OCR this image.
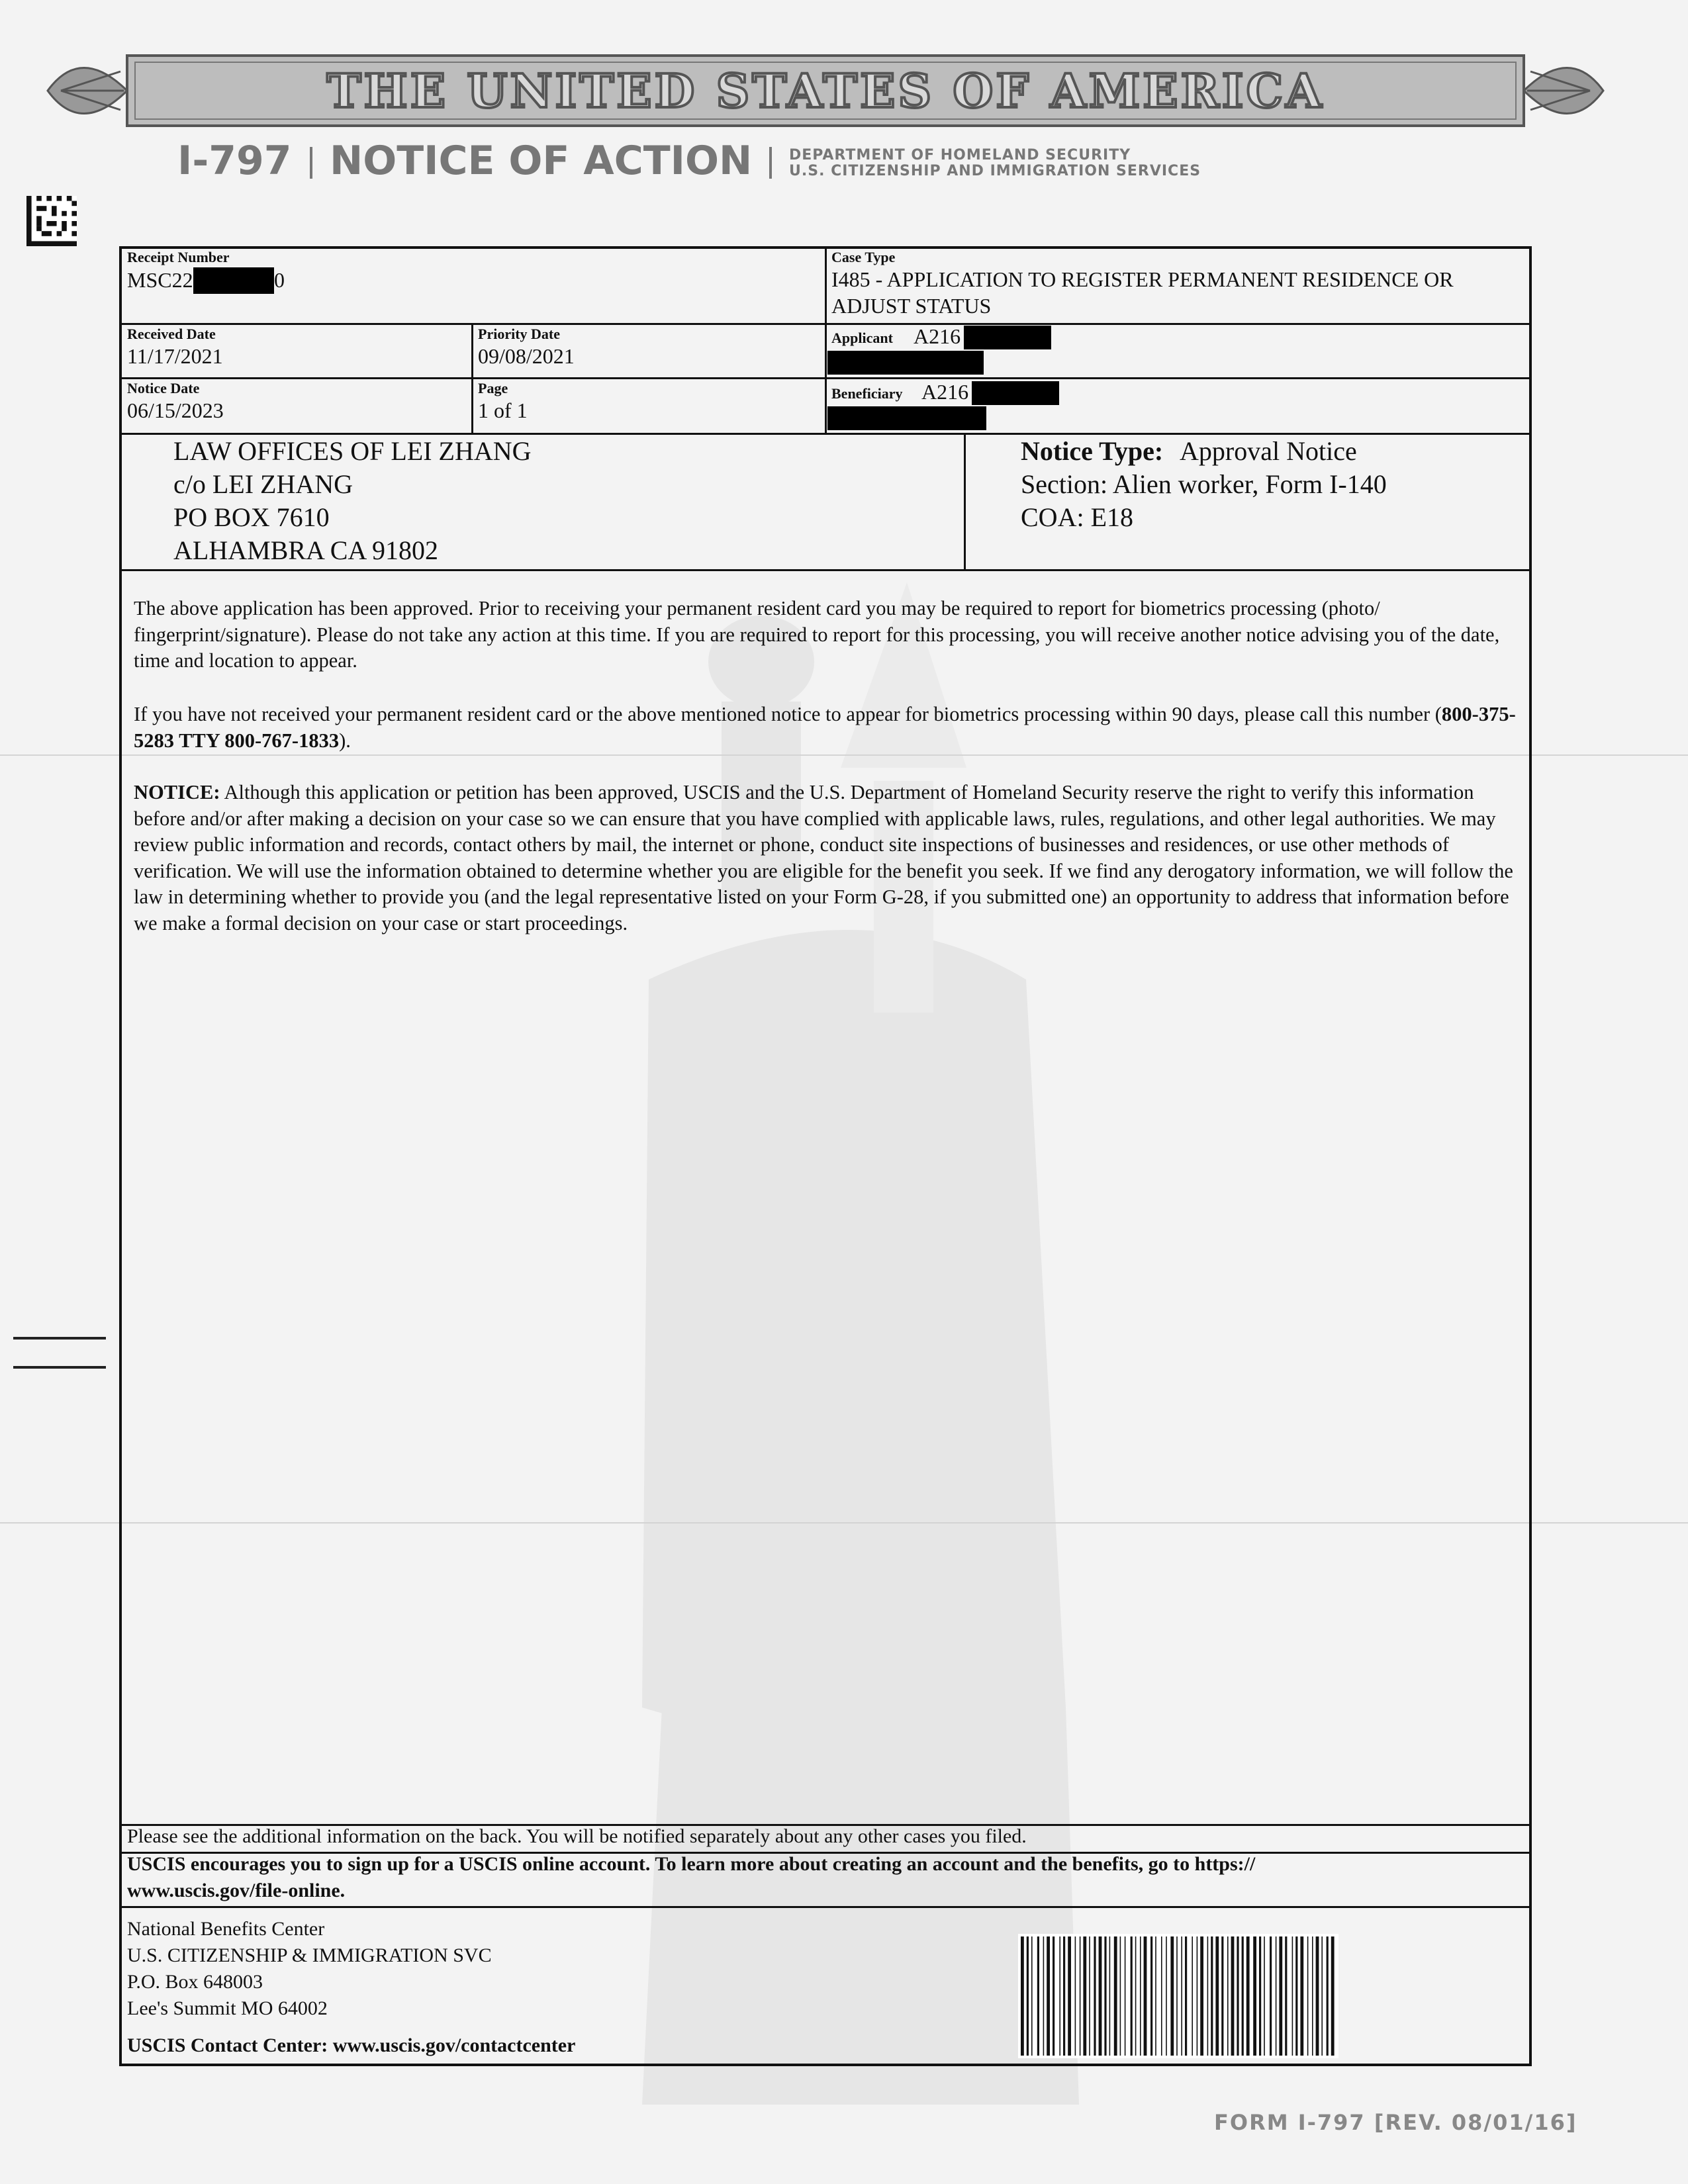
THE UNITED STATES OF AMERICA
I-797 NOTICE OF ACTION	DEPARTMENT OF HOMELAND SECURITY
U.S. CITIZENSHIP AND IMMIGRATION SERVICES
Receipt Number
MSC22	0
Case Type
I485 - APPLICATION TO REGISTER PERMANENT RESIDENCE OR
ADJUST STATUS
Received Date
11/17/2021
Priority Date
09/08/2021
Applicant A216
Notice Date
06/15/2023
Page
1 of 1
Beneficiary A216
LAW OFFICES OF LEI ZHANG
c/o LEI ZHANG
PO BOX 7610
ALHAMBRA CA 91802
Notice Type: Approval Notice
Section: Alien worker, Form I-140
COA: E18
The above application has been approved. Prior to receiving your permanent resident card you may be required to report for biometrics processing (photo/ fingerprint/signature). Please do not take any action at this time. If you are required to report for this processing, you will receive another notice advising you of the date, time and location to appear.
If you have not received your permanent resident card or the above mentioned notice to appear for biometrics processing within 90 days, please call this number (800-375-5283 TTY 800-767-1833).
NOTICE: Although this application or petition has been approved, USCIS and the U.S. Department of Homeland Security reserve the right to verify this information before and/or after making a decision on your case so we can ensure that you have complied with applicable laws, rules, regulations, and other legal authorities. We may review public information and records, contact others by mail, the internet or phone, conduct site inspections of businesses and residences, or use other methods of verification. We will use the information obtained to determine whether you are eligible for the benefit you seek. If we find any derogatory information, we will follow the law in determining whether to provide you (and the legal representative listed on your Form G-28, if you submitted one) an opportunity to address that information before we make a formal decision on your case or start proceedings.
Please see the additional information on the back. You will be notified separately about any other cases you filed.
USCIS encourages you to sign up for a USCIS online account. To learn more about creating an account and the benefits, go to https://
www.uscis.gov/file-online.
National Benefits Center
U.S. CITIZENSHIP & IMMIGRATION SVC
P.O. Box 648003
Lee's Summit MO 64002
USCIS Contact Center: www.uscis.gov/contactcenter
FORM I-797 [REV. 08/01/16]
